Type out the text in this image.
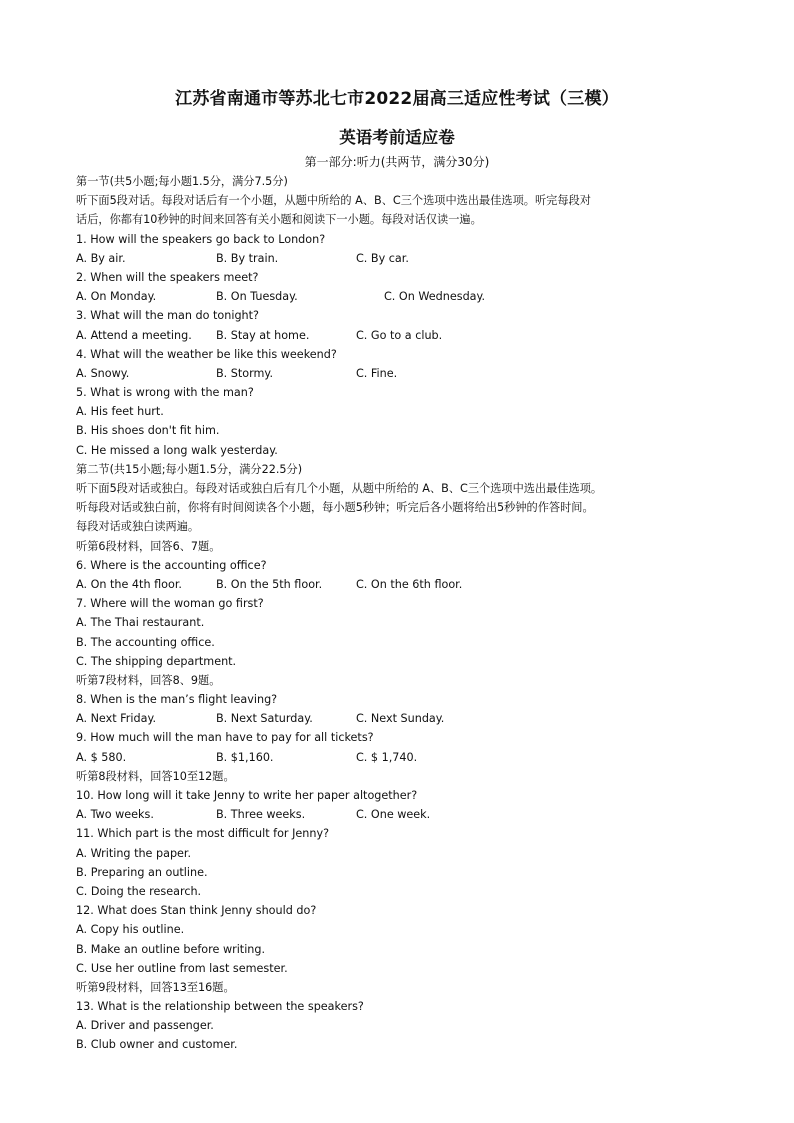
江苏省南通市等苏北七市2022届高三适应性考试（三模）
英语考前适应卷
第一部分:听力(共两节，满分30分)
第一节(共5小题;每小题1.5分，满分7.5分)
听下面5段对话。每段对话后有一个小题，从题中所给的 A、B、C三个选项中选出最佳选项。听完每段对
话后，你都有10秒钟的时间来回答有关小题和阅读下一小题。每段对话仅读一遍。
1. How will the speakers go back to London?
A. By air.	B. By train.	C. By car.
2. When will the speakers meet?
A. On Monday.	B. On Tuesday.	C. On Wednesday.
3. What will the man do tonight?
A. Attend a meeting. B. Stay at home.	C. Go to a club.
4. What will the weather be like this weekend?
A. Snowy.	B. Stormy.	C. Fine.
5. What is wrong with the man?
A. His feet hurt.
B. His shoes don't fit him.
C. He missed a long walk yesterday.
第二节(共15小题;每小题1.5分，满分22.5分)
听下面5段对话或独白。每段对话或独白后有几个小题，从题中所给的 A、B、C三个选项中选出最佳选项。
听每段对话或独白前，你将有时间阅读各个小题，每小题5秒钟；听完后各小题将给出5秒钟的作答时间。
每段对话或独白读两遍。
听第6段材料，回答6、7题。
6. Where is the accounting office?
A. On the 4th floor.	B. On the 5th floor.	C. On the 6th floor.
7. Where will the woman go first?
A. The Thai restaurant.
B. The accounting office.
C. The shipping department.
听第7段材料，回答8、9题。
8. When is the man’s flight leaving?
A. Next Friday.	B. Next Saturday.	C. Next Sunday.
9. How much will the man have to pay for all tickets?
A. $ 580.	B. $1,160.	C. $ 1,740.
听第8段材料，回答10至12题。
10. How long will it take Jenny to write her paper altogether?
A. Two weeks.	B. Three weeks.	C. One week.
11. Which part is the most difficult for Jenny?
A. Writing the paper.
B. Preparing an outline.
C. Doing the research.
12. What does Stan think Jenny should do?
A. Copy his outline.
B. Make an outline before writing.
C. Use her outline from last semester.
听第9段材料，回答13至16题。
13. What is the relationship between the speakers?
A. Driver and passenger.
B. Club owner and customer.
